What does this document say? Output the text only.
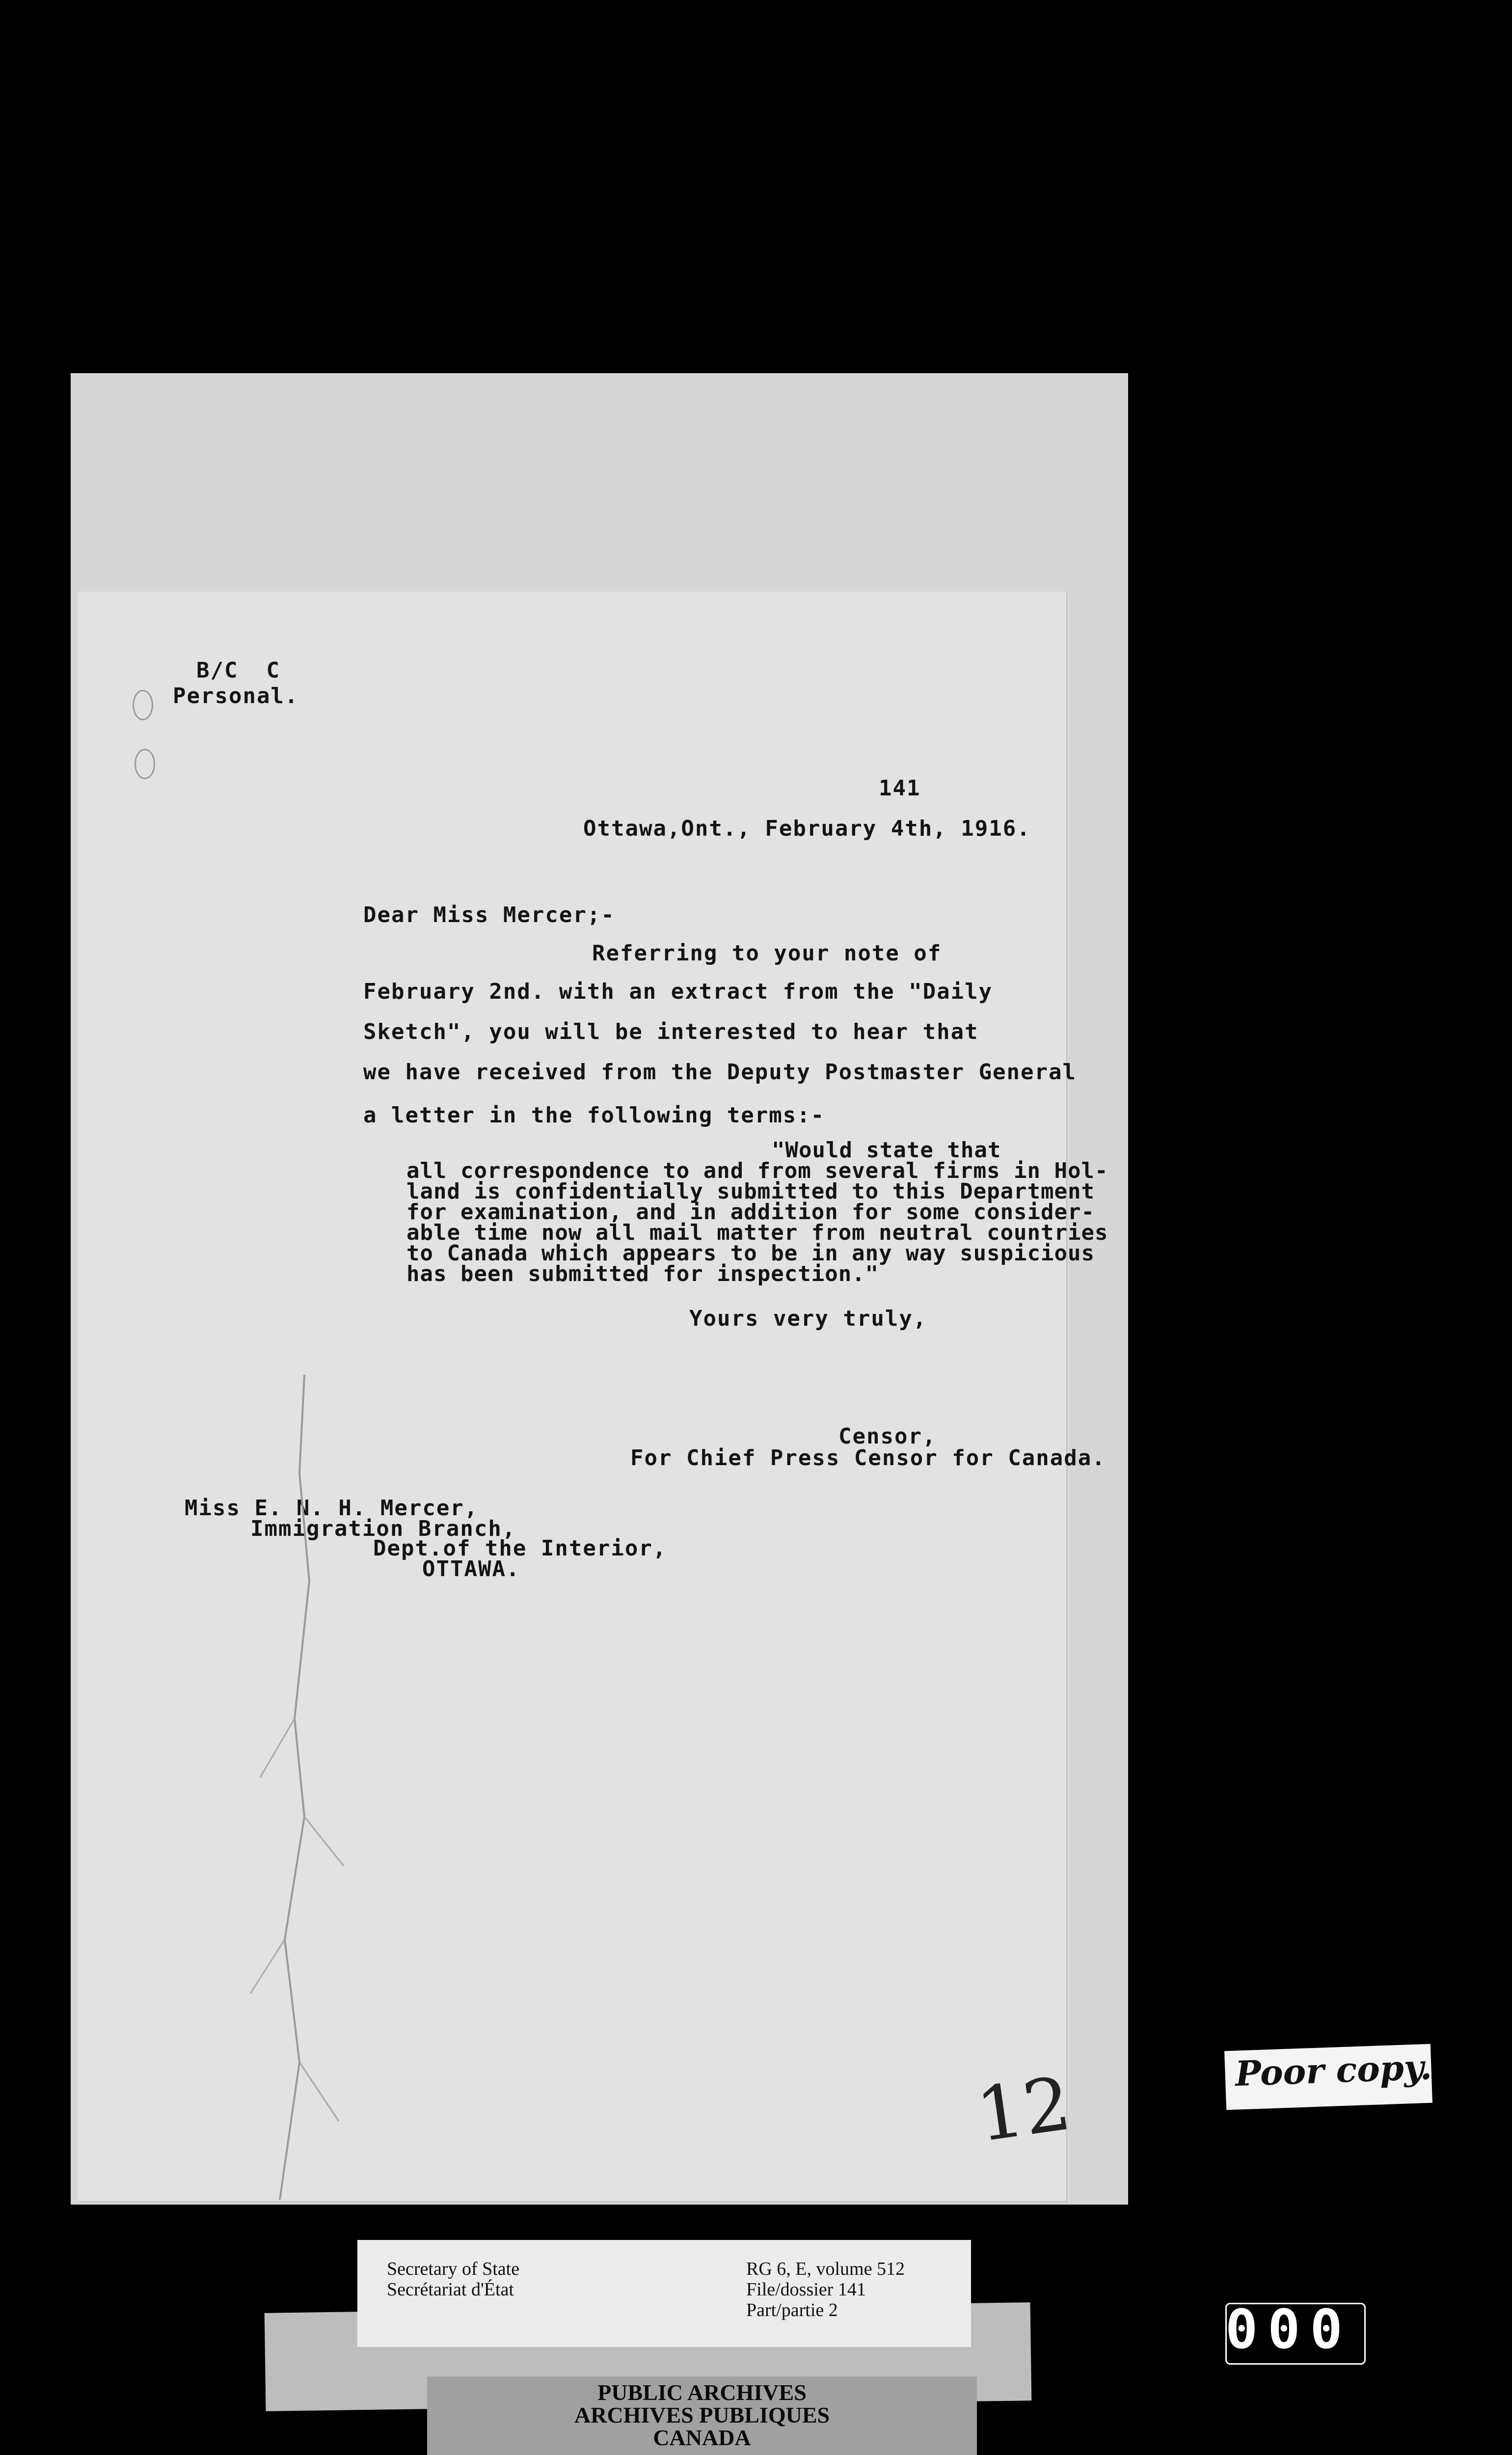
B/C  C
Personal.
141
Ottawa,Ont., February 4th, 1916.
Dear Miss Mercer;-
Referring to your note of
February 2nd. with an extract from the "Daily
Sketch", you will be interested to hear that
we have received from the Deputy Postmaster General
a letter in the following terms:-
"Would state that
all correspondence to and from several firms in Hol-
land is confidentially submitted to this Department
for examination, and in addition for some consider-
able time now all mail matter from neutral countries
to Canada which appears to be in any way suspicious
has been submitted for inspection."
Yours very truly,
Censor,
For Chief Press Censor for Canada.
Miss E. N. H. Mercer,
Immigration Branch,
Dept.of the Interior,
OTTAWA.
12
Secretary of State
Secrétariat d'État
RG 6, E, volume 512
File/dossier 141
Part/partie 2
PUBLIC ARCHIVES
ARCHIVES PUBLIQUES
CANADA
Poor copy.
000
